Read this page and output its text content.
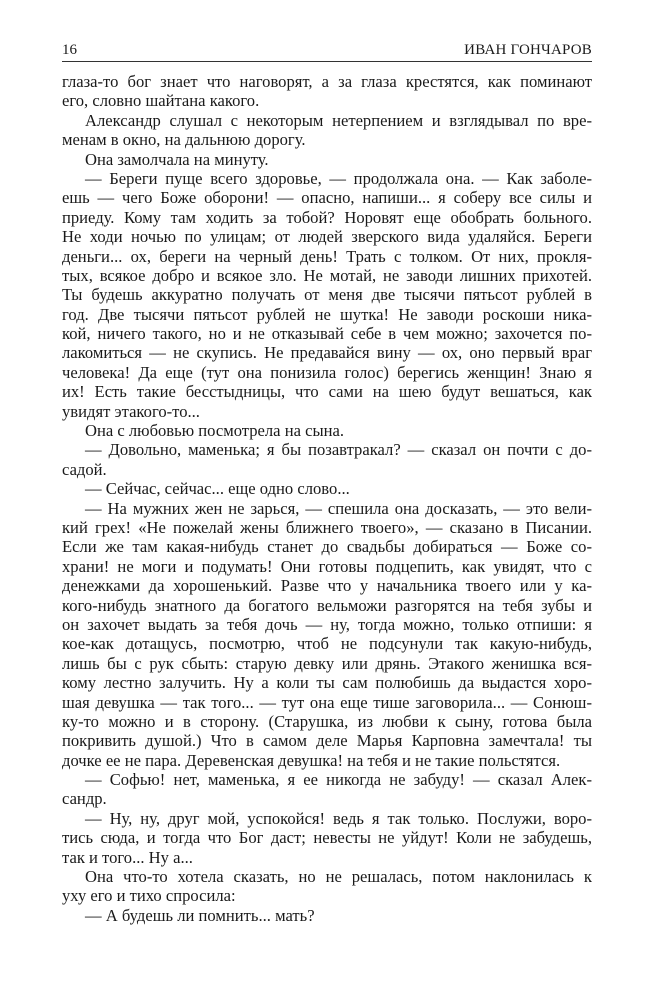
16	ИВАН ГОНЧАРОВ
глаза-то бог знает что наговорят, а за глаза крестятся, как поминают
его, словно шайтана какого.
Александр слушал с некоторым нетерпением и взглядывал по вре-
менам в окно, на дальнюю дорогу.
Она замолчала на минуту.
— Береги пуще всего здоровье, — продолжала она. — Как заболе-
ешь — чего Боже оборони! — опасно, напиши... я соберу все силы и
приеду. Кому там ходить за тобой? Норовят еще обобрать больного.
Не ходи ночью по улицам; от людей зверского вида удаляйся. Береги
деньги... ох, береги на черный день! Трать с толком. От них, прокля-
тых, всякое добро и всякое зло. Не мотай, не заводи лишних прихотей.
Ты будешь аккуратно получать от меня две тысячи пятьсот рублей в
год. Две тысячи пятьсот рублей не шутка! Не заводи роскоши ника-
кой, ничего такого, но и не отказывай себе в чем можно; захочется по-
лакомиться — не скупись. Не предавайся вину — ох, оно первый враг
человека! Да еще (тут она понизила голос) берегись женщин! Знаю я
их! Есть такие бесстыдницы, что сами на шею будут вешаться, как
увидят этакого-то...
Она с любовью посмотрела на сына.
— Довольно, маменька; я бы позавтракал? — сказал он почти с до-
садой.
— Сейчас, сейчас... еще одно слово...
— На мужних жен не зарься, — спешила она досказать, — это вели-
кий грех! «Не пожелай жены ближнего твоего», — сказано в Писании.
Если же там какая-нибудь станет до свадьбы добираться — Боже со-
храни! не моги и подумать! Они готовы подцепить, как увидят, что с
денежками да хорошенький. Разве что у начальника твоего или у ка-
кого-нибудь знатного да богатого вельможи разгорятся на тебя зубы и
он захочет выдать за тебя дочь — ну, тогда можно, только отпиши: я
кое-как дотащусь, посмотрю, чтоб не подсунули так какую-нибудь,
лишь бы с рук сбыть: старую девку или дрянь. Этакого женишка вся-
кому лестно залучить. Ну а коли ты сам полюбишь да выдастся хоро-
шая девушка — так того... — тут она еще тише заговорила... — Сонюш-
ку-то можно и в сторону. (Старушка, из любви к сыну, готова была
покривить душой.) Что в самом деле Марья Карповна замечтала! ты
дочке ее не пара. Деревенская девушка! на тебя и не такие польстятся.
— Софью! нет, маменька, я ее никогда не забуду! — сказал Алек-
сандр.
— Ну, ну, друг мой, успокойся! ведь я так только. Послужи, воро-
тись сюда, и тогда что Бог даст; невесты не уйдут! Коли не забудешь,
так и того... Ну а...
Она что-то хотела сказать, но не решалась, потом наклонилась к
уху его и тихо спросила:
— А будешь ли помнить... мать?
